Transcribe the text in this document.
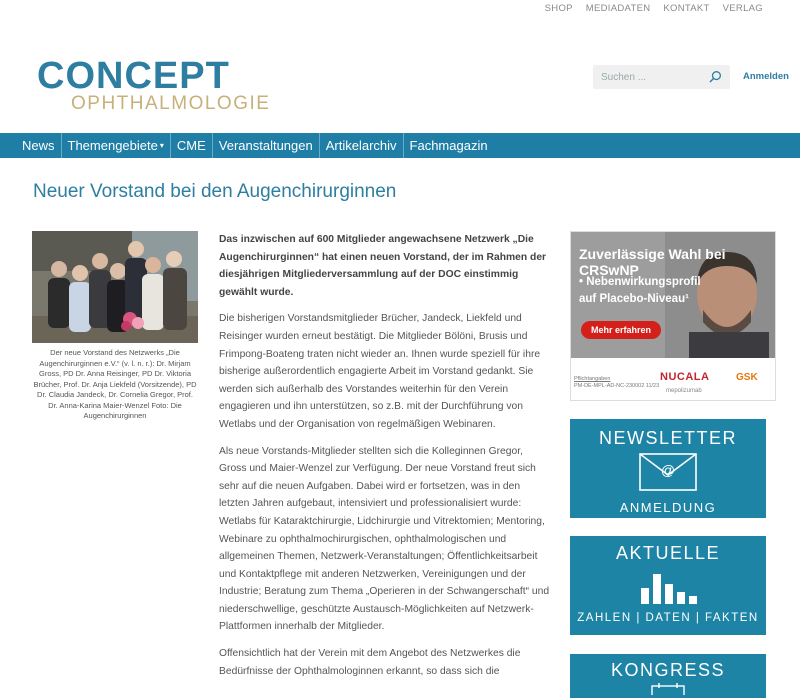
SHOP MEDIADATEN KONTAKT VERLAG
CONCEPT
OPHTHALMOLOGIE
Suchen ...
Anmelden
News Themengebiete ▾ CME Veranstaltungen Artikelarchiv Fachmagazin
Neuer Vorstand bei den Augenchirurginnen
Der neue Vorstand des Netzwerks „Die Augenchirurginnen e.V.“ (v. l. n. r.): Dr. Mirjam Gross, PD Dr. Anna Reisinger, PD Dr. Viktoria Brücher, Prof. Dr. Anja Liekfeld (Vorsitzende), PD Dr. Claudia Jandeck, Dr. Cornelia Gregor, Prof. Dr. Anna-Karina Maier-Wenzel Foto: Die Augenchirurginnen

Das inzwischen auf 600 Mitglieder angewachsene Netzwerk „Die Augenchirurginnen“ hat einen neuen Vorstand, der im Rahmen der diesjährigen Mitgliederversammlung auf der DOC einstimmig gewählt wurde.

Die bisherigen Vorstandsmitglieder Brücher, Jandeck, Liekfeld und Reisinger wurden erneut bestätigt. Die Mitglieder Bölöni, Brusis und Frimpong-Boateng traten nicht wieder an. Ihnen wurde speziell für ihre bisherige außerordentlich engagierte Arbeit im Vorstand gedankt. Sie werden sich außerhalb des Vorstandes weiterhin für den Verein engagieren und ihn unterstützen, so z.B. mit der Durchführung von Wetlabs und der Organisation von regelmäßigen Webinaren.

Als neue Vorstands-Mitglieder stellten sich die Kolleginnen Gregor, Gross und Maier-Wenzel zur Verfügung. Der neue Vorstand freut sich sehr auf die neuen Aufgaben. Dabei wird er fortsetzen, was in den letzten Jahren aufgebaut, intensiviert und professionalisiert wurde: Wetlabs für Kataraktchirurgie, Lidchirurgie und Vitrektomien; Mentoring, Webinare zu ophthalmochirurgischen, ophthalmologischen und allgemeinen Themen, Netzwerk-Veranstaltungen; Öffentlichkeitsarbeit und Kontaktpflege mit anderen Netzwerken, Vereinigungen und der Industrie; Beratung zum Thema „Operieren in der Schwangerschaft“ und niederschwellige, geschützte Austausch-Möglichkeiten auf Netzwerk-Plattformen innerhalb der Mitglieder.

Offensichtlich hat der Verein mit dem Angebot des Netzwerkes die Bedürfnisse der Ophthalmologinnen erkannt, so dass sich die

Zuverlässige Wahl bei CRSwNP
• Nebenwirkungsprofil
auf Placebo-Niveau¹
Mehr erfahren
Pflichtangaben
PM-DE-MPL-AD-NC-230002 11/23
NUCALA
mepolizumab
GSK
NEWSLETTER
@
ANMELDUNG
AKTUELLE
ZAHLEN | DATEN | FAKTEN
KONGRESS
